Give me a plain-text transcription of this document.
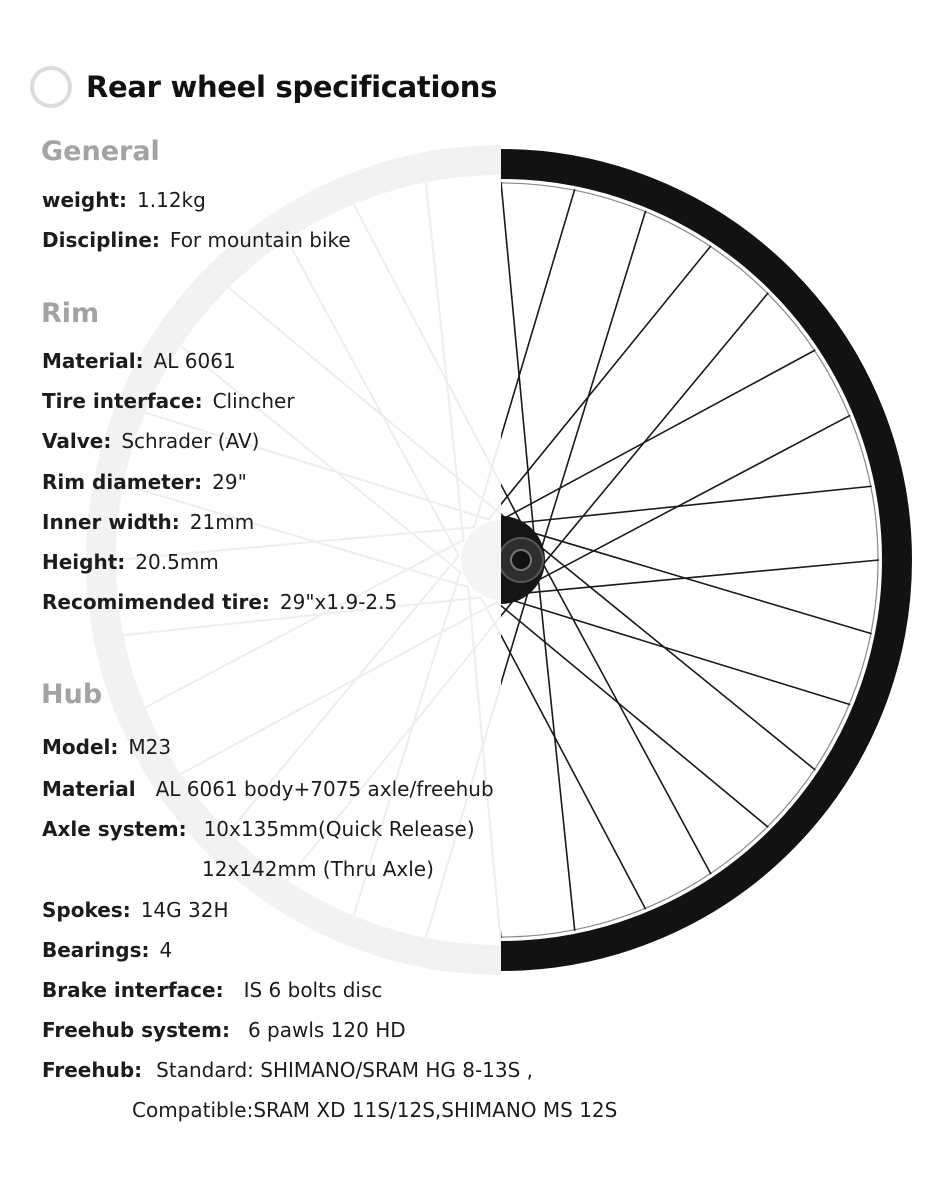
Rear wheel specifications
General
weight: 1.12kg
Discipline: For mountain bike
Rim
Material: AL 6061
Tire interface: Clincher
Valve: Schrader (AV)
Rim diameter: 29"
Inner width: 21mm
Height: 20.5mm
Recomimended tire: 29"x1.9-2.5
Hub
Model: M23
Material AL 6061 body+7075 axle/freehub
Axle system: 10x135mm(Quick Release)
12x142mm (Thru Axle)
Spokes: 14G 32H
Bearings: 4
Brake interface: IS 6 bolts disc
Freehub system: 6 pawls 120 HD
Freehub: Standard: SHIMANO/SRAM HG 8-13S ,
Compatible:SRAM XD 11S/12S,SHIMANO MS 12S
